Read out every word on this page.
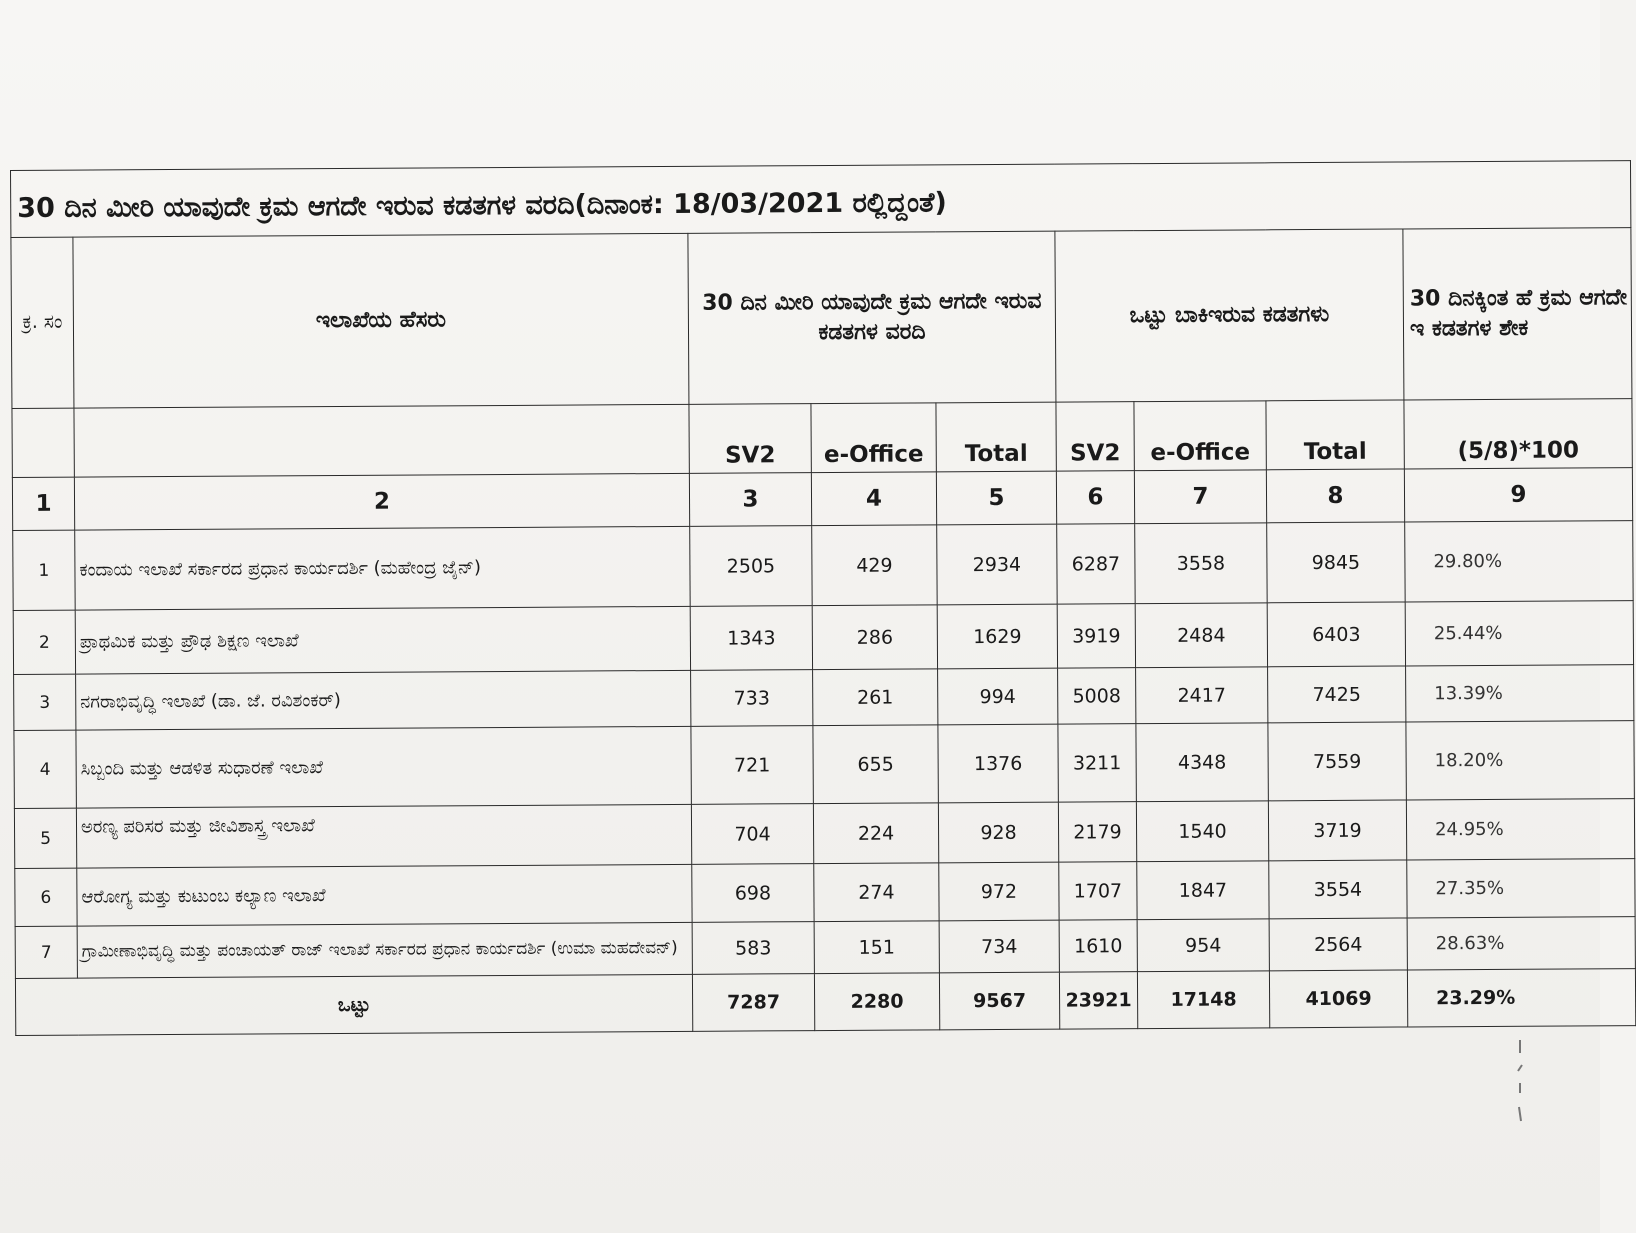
30 ದಿನ ಮೀರಿ ಯಾವುದೇ ಕ್ರಮ ಆಗದೇ ಇರುವ ಕಡತಗಳ ವರದಿ(ದಿನಾಂಕ: 18/03/2021 ರಲ್ಲಿದ್ದಂತೆ)								
ಕ್ರ. ಸಂ	ಇಲಾಖೆಯ ಹೆಸರು	30 ದಿನ ಮೀರಿ ಯಾವುದೇ ಕ್ರಮ ಆಗದೇ ಇರುವ ಕಡತಗಳ ವರದಿ			ಒಟ್ಟು ಬಾಕಿಇರುವ ಕಡತಗಳು			30 ದಿನಕ್ಕಿಂತ ಹೆ ಕ್ರಮ ಆಗದೇ ಇ ಕಡತಗಳ ಶೇಕ
		SV2	e-Office	Total	SV2	e-Office	Total	(5/8)*100
1	2	3	4	5	6	7	8	9
1	ಕಂದಾಯ ಇಲಾಖೆ ಸರ್ಕಾರದ ಪ್ರಧಾನ ಕಾರ್ಯದರ್ಶಿ (ಮಹೇಂದ್ರ ಜೈನ್)	2505	429	2934	6287	3558	9845	29.80%
2	ಪ್ರಾಥಮಿಕ ಮತ್ತು ಪ್ರೌಢ ಶಿಕ್ಷಣ ಇಲಾಖೆ	1343	286	1629	3919	2484	6403	25.44%
3	ನಗರಾಭಿವೃದ್ಧಿ ಇಲಾಖೆ (ಡಾ. ಜೆ. ರವಿಶಂಕರ್)	733	261	994	5008	2417	7425	13.39%
4	ಸಿಬ್ಬಂದಿ ಮತ್ತು ಆಡಳಿತ ಸುಧಾರಣೆ ಇಲಾಖೆ	721	655	1376	3211	4348	7559	18.20%
5	ಅರಣ್ಯ ಪರಿಸರ ಮತ್ತು ಜೀವಿಶಾಸ್ತ್ರ ಇಲಾಖೆ	704	224	928	2179	1540	3719	24.95%
6	ಆರೋಗ್ಯ ಮತ್ತು ಕುಟುಂಬ ಕಲ್ಯಾಣ ಇಲಾಖೆ	698	274	972	1707	1847	3554	27.35%
7	ಗ್ರಾಮೀಣಾಭಿವೃದ್ಧಿ ಮತ್ತು ಪಂಚಾಯತ್ ರಾಜ್ ಇಲಾಖೆ ಸರ್ಕಾರದ ಪ್ರಧಾನ ಕಾರ್ಯದರ್ಶಿ (ಉಮಾ ಮಹದೇವನ್)	583	151	734	1610	954	2564	28.63%
ಒಟ್ಟು		7287	2280	9567	23921	17148	41069	23.29%
